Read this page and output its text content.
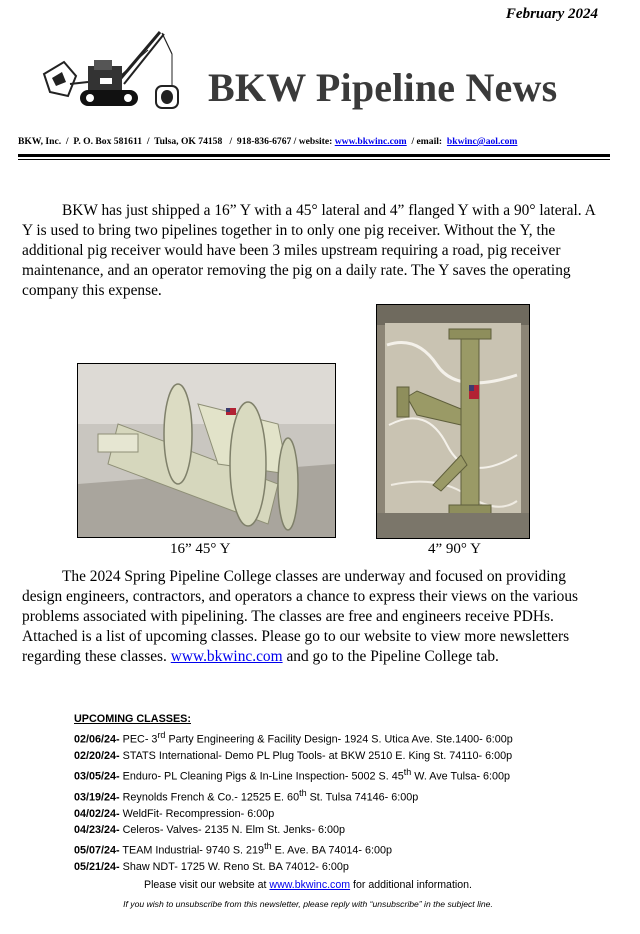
February 2024
BKW Pipeline News
BKW, Inc.  /  P. O. Box 581611  /  Tulsa, OK 74158   /  918-836-6767 / website: www.bkwinc.com  / email:  bkwinc@aol.com
BKW has just shipped a 16” Y with a 45° lateral and 4” flanged Y with a 90° lateral. A Y is used to bring two pipelines together in to only one pig receiver. Without the Y, the additional pig receiver would have been 3 miles upstream requiring a road, pig receiver maintenance, and an operator removing the pig on a daily rate. The Y saves the operating company this expense.
16” 45° Y	4” 90° Y
The 2024 Spring Pipeline College classes are underway and focused on providing design engineers, contractors, and operators a chance to express their views on the various problems associated with pipelining. The classes are free and engineers receive PDHs. Attached is a list of upcoming classes. Please go to our website to view more newsletters regarding these classes. www.bkwinc.com and go to the Pipeline College tab.
UPCOMING CLASSES:
02/06/24- PEC- 3rd Party Engineering & Facility Design- 1924 S. Utica Ave. Ste.1400- 6:00p
02/20/24- STATS International- Demo PL Plug Tools- at BKW 2510 E. King St. 74110- 6:00p
03/05/24- Enduro- PL Cleaning Pigs & In-Line Inspection- 5002 S. 45th W. Ave Tulsa- 6:00p
03/19/24- Reynolds French & Co.- 12525 E. 60th St. Tulsa 74146- 6:00p
04/02/24- WeldFit- Recompression- 6:00p
04/23/24- Celeros- Valves- 2135 N. Elm St. Jenks- 6:00p
05/07/24- TEAM Industrial- 9740 S. 219th E. Ave. BA 74014- 6:00p
05/21/24- Shaw NDT- 1725 W. Reno St. BA 74012- 6:00p
Please visit our website at www.bkwinc.com for additional information.
If you wish to unsubscribe from this newsletter, please reply with “unsubscribe” in the subject line.
